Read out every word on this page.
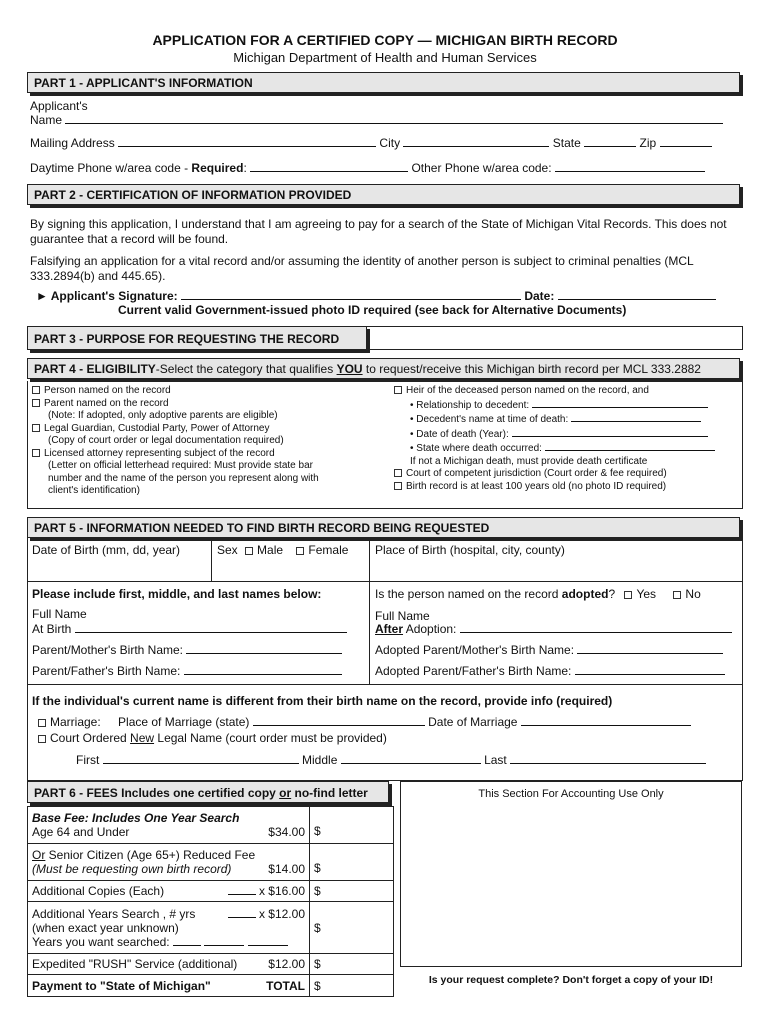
APPLICATION FOR A CERTIFIED COPY — MICHIGAN BIRTH RECORD
Michigan Department of Health and Human Services
PART 1 - APPLICANT'S INFORMATION
Applicant's
Name
Mailing Address	City	State	Zip
Daytime Phone w/area code - Required:	Other Phone w/area code:
PART 2 - CERTIFICATION OF INFORMATION PROVIDED
By signing this application, I understand that I am agreeing to pay for a search of the State of Michigan Vital Records. This does not guarantee that a record will be found.
Falsifying an application for a vital record and/or assuming the identity of another person is subject to criminal penalties (MCL 333.2894(b) and 445.65).
► Applicant's Signature:	Date:
Current valid Government-issued photo ID required (see back for Alternative Documents)
PART 3 - PURPOSE FOR REQUESTING THE RECORD
PART 4 - ELIGIBILITY-Select the category that qualifies YOU to request/receive this Michigan birth record per MCL 333.2882
Person named on the record
Parent named on the record
(Note: If adopted, only adoptive parents are eligible)
Legal Guardian, Custodial Party, Power of Attorney
(Copy of court order or legal documentation required)
Licensed attorney representing subject of the record
(Letter on official letterhead required: Must provide state bar
number and the name of the person you represent along with
client's identification)
Heir of the deceased person named on the record, and
• Relationship to decedent:
• Decedent's name at time of death:
• Date of death (Year):
• State where death occurred:
If not a Michigan death, must provide death certificate
Court of competent jurisdiction (Court order & fee required)
Birth record is at least 100 years old (no photo ID required)
PART 5 - INFORMATION NEEDED TO FIND BIRTH RECORD BEING REQUESTED
Date of Birth (mm, dd, year)	Sex Male Female Place of Birth (hospital, city, county)
Please include first, middle, and last names below:
Full Name
At Birth
Parent/Mother's Birth Name:
Parent/Father's Birth Name:
Is the person named on the record adopted? Yes No
Full Name
After Adoption:
Adopted Parent/Mother's Birth Name:
Adopted Parent/Father's Birth Name:
If the individual's current name is different from their birth name on the record, provide info (required)
Marriage: Place of Marriage (state)	Date of Marriage
Court Ordered New Legal Name (court order must be provided)
First	Middle	Last
PART 6 - FEES Includes one certified copy or no-find letter
Base Fee: Includes One Year Search
Age 64 and Under $34.00	$

Or Senior Citizen (Age 65+) Reduced Fee
(Must be requesting own birth record) $14.00	$
Additional Copies (Each) x $16.00	$

Additional Years Search , # yrs x $12.00
(when exact year unknown)
Years you want searched:	$
Expedited "RUSH" Service (additional) $12.00	$
Payment to "State of Michigan" TOTAL	$
This Section For Accounting Use Only
Is your request complete? Don't forget a copy of your ID!
